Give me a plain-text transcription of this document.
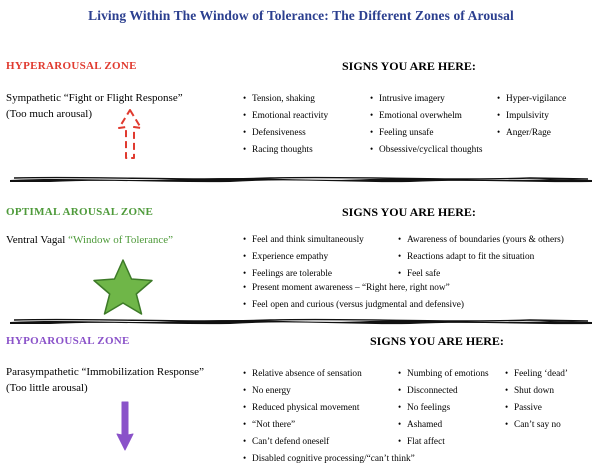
Living Within The Window of Tolerance: The Different Zones of Arousal
HYPERAROUSAL ZONE
Sympathetic “Fight or Flight Response”
(Too much arousal)
SIGNS YOU ARE HERE:
• Tension, shaking
• Emotional reactivity
• Defensiveness
• Racing thoughts
• Intrusive imagery
• Emotional overwhelm
• Feeling unsafe
• Obsessive/cyclical thoughts
• Hyper-vigilance
• Impulsivity
• Anger/Rage
OPTIMAL AROUSAL ZONE
Ventral Vagal “Window of Tolerance”
SIGNS YOU ARE HERE:
• Feel and think simultaneously
• Experience empathy
• Feelings are tolerable
• Awareness of boundaries (yours & others)
• Reactions adapt to fit the situation
• Feel safe
• Present moment awareness – “Right here, right now”
• Feel open and curious (versus judgmental and defensive)
HYPOAROUSAL ZONE
Parasympathetic “Immobilization Response”
(Too little arousal)
SIGNS YOU ARE HERE:
• Relative absence of sensation
• No energy
• Reduced physical movement
• “Not there”
• Can’t defend oneself
• Disabled cognitive processing/“can’t think”
• Numbing of emotions
• Disconnected
• No feelings
• Ashamed
• Flat affect
• Feeling ‘dead’
• Shut down
• Passive
• Can’t say no
